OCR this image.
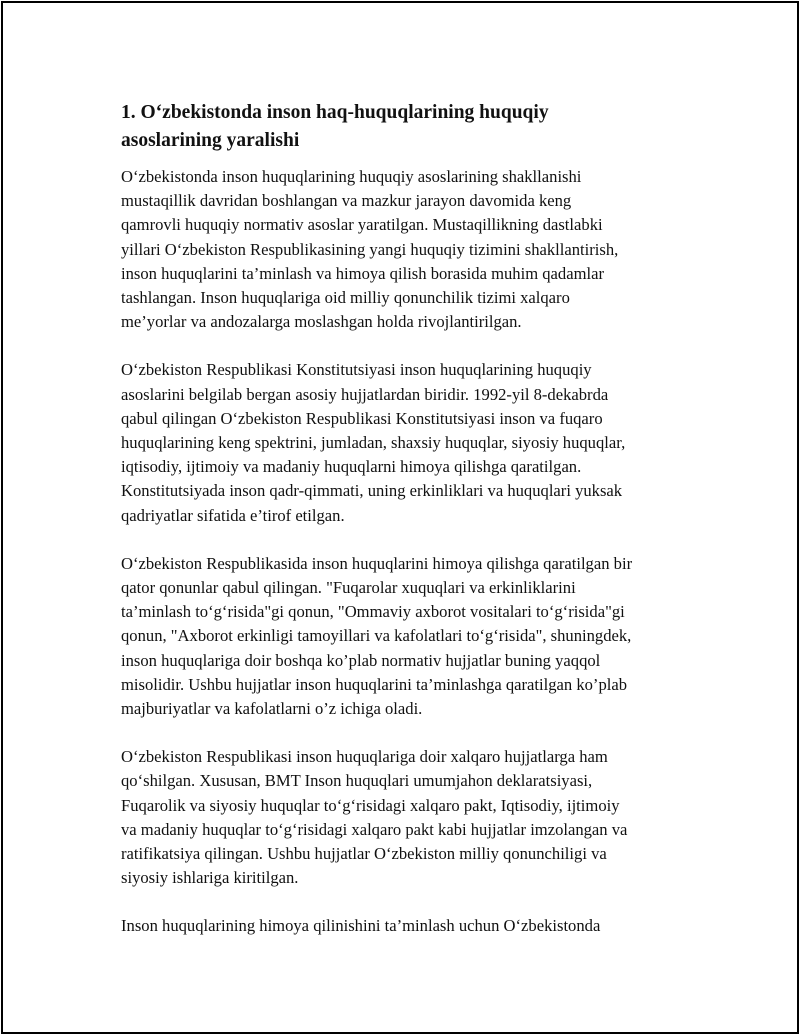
1. O‘zbekistonda inson haq-huquqlarining huquqiy
asoslarining yaralishi

O‘zbekistonda inson huquqlarining huquqiy asoslarining shakllanishi
mustaqillik davridan boshlangan va mazkur jarayon davomida keng
qamrovli huquqiy normativ asoslar yaratilgan. Mustaqillikning dastlabki
yillari O‘zbekiston Respublikasining yangi huquqiy tizimini shakllantirish,
inson huquqlarini ta’minlash va himoya qilish borasida muhim qadamlar
tashlangan. Inson huquqlariga oid milliy qonunchilik tizimi xalqaro
me’yorlar va andozalarga moslashgan holda rivojlantirilgan.

O‘zbekiston Respublikasi Konstitutsiyasi inson huquqlarining huquqiy
asoslarini belgilab bergan asosiy hujjatlardan biridir. 1992-yil 8-dekabrda
qabul qilingan O‘zbekiston Respublikasi Konstitutsiyasi inson va fuqaro
huquqlarining keng spektrini, jumladan, shaxsiy huquqlar, siyosiy huquqlar,
iqtisodiy, ijtimoiy va madaniy huquqlarni himoya qilishga qaratilgan.
Konstitutsiyada inson qadr-qimmati, uning erkinliklari va huquqlari yuksak
qadriyatlar sifatida e’tirof etilgan.

O‘zbekiston Respublikasida inson huquqlarini himoya qilishga qaratilgan bir
qator qonunlar qabul qilingan. "Fuqarolar xuquqlari va erkinliklarini
ta’minlash to‘g‘risida"gi qonun, "Ommaviy axborot vositalari to‘g‘risida"gi
qonun, "Axborot erkinligi tamoyillari va kafolatlari to‘g‘risida", shuningdek,
inson huquqlariga doir boshqa ko’plab normativ hujjatlar buning yaqqol
misolidir. Ushbu hujjatlar inson huquqlarini ta’minlashga qaratilgan ko’plab
majburiyatlar va kafolatlarni o’z ichiga oladi.

O‘zbekiston Respublikasi inson huquqlariga doir xalqaro hujjatlarga ham
qo‘shilgan. Xususan, BMT Inson huquqlari umumjahon deklaratsiyasi,
Fuqarolik va siyosiy huquqlar to‘g‘risidagi xalqaro pakt, Iqtisodiy, ijtimoiy
va madaniy huquqlar to‘g‘risidagi xalqaro pakt kabi hujjatlar imzolangan va
ratifikatsiya qilingan. Ushbu hujjatlar O‘zbekiston milliy qonunchiligi va
siyosiy ishlariga kiritilgan.

Inson huquqlarining himoya qilinishini ta’minlash uchun O‘zbekistonda
